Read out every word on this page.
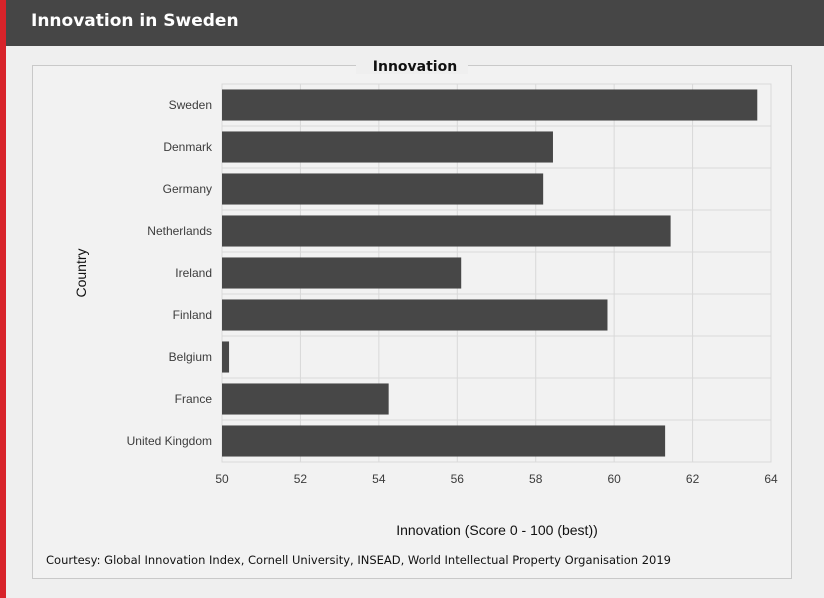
Innovation in Sweden
Sweden
Denmark
Germany
Netherlands
Ireland
Finland
Belgium
France
United Kingdom
50	52	54	56	58	60	62	64
Innovation
Innovation (Score 0 - 100 (best))
Country
Courtesy: Global Innovation Index, Cornell University, INSEAD, World Intellectual Property Organisation 2019
